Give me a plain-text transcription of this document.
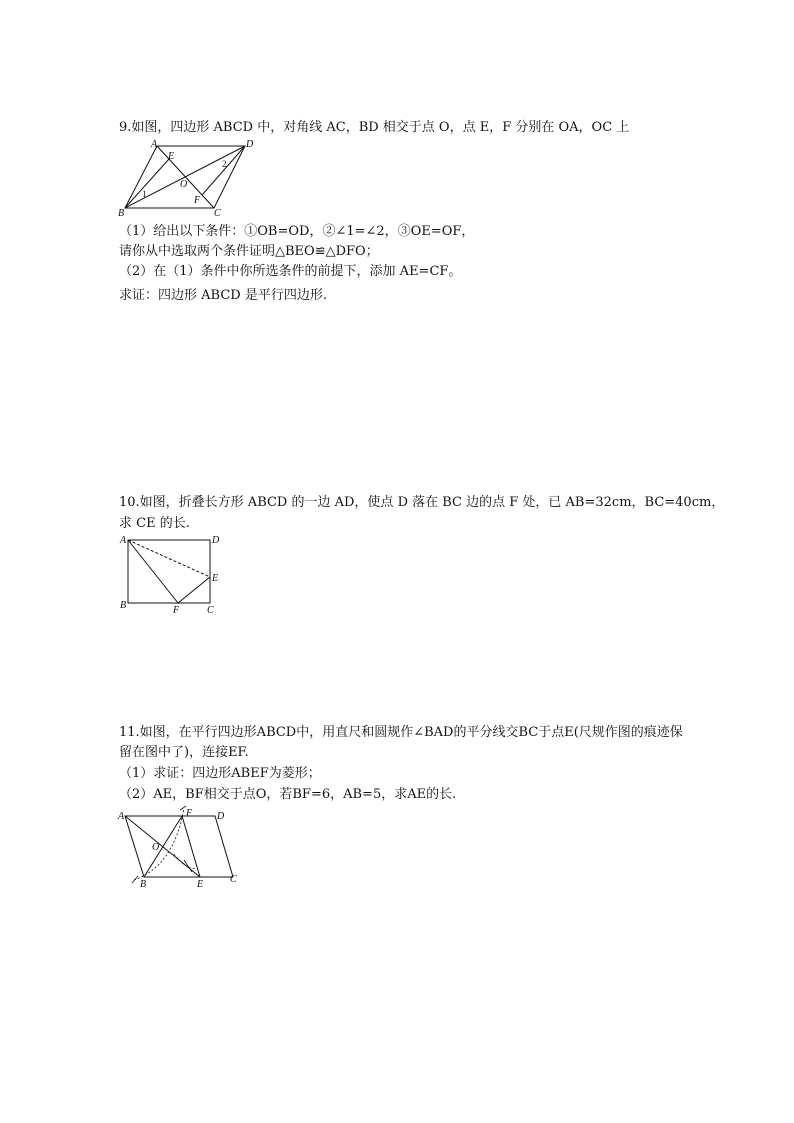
9.如图，四边形 ABCD 中，对角线 AC，BD 相交于点 O，点 E，F 分别在 OA，OC 上
A	D
E
O
F
B	C
1
2
（1）给出以下条件：①OB=OD，②∠1=∠2，③OE=OF，
请你从中选取两个条件证明△BEO≌△DFO；
（2）在（1）条件中你所选条件的前提下，添加 AE=CF。
求证：四边形 ABCD 是平行四边形.
10.如图，折叠长方形 ABCD 的一边 AD，使点 D 落在 BC 边的点 F 处，已 AB=32cm，BC=40cm，
求 CE 的长.
A	D
E
B	F	C
11.如图，在平行四边形ABCD中，用直尺和圆规作∠BAD的平分线交BC于点E(尺规作图的痕迹保
留在图中了)，连接EF.
（1）求证：四边形ABEF为菱形；
（2）AE，BF相交于点O，若BF=6，AB=5，求AE的长.
A	F D
O
B	E	C
